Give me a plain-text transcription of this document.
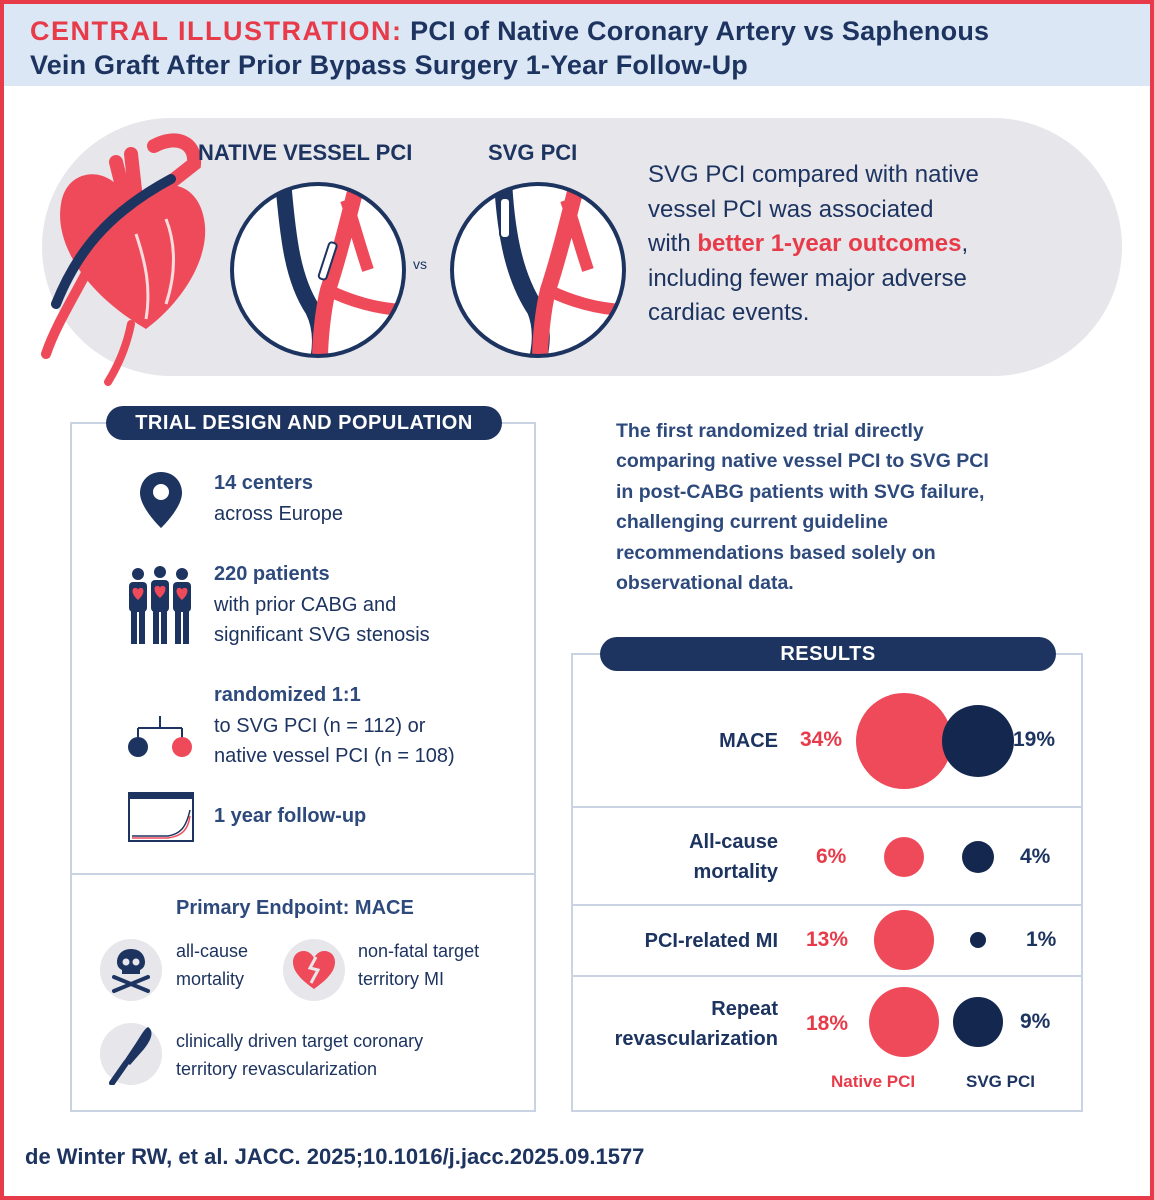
CENTRAL ILLUSTRATION: PCI of Native Coronary Artery vs Saphenous
Vein Graft After Prior Bypass Surgery 1-Year Follow-Up
NATIVE VESSEL PCI	SVG PCI
vs
SVG PCI compared with native
vessel PCI was associated
with better 1-year outcomes,
including fewer major adverse
cardiac events.
TRIAL DESIGN AND POPULATION
14 centers
across Europe
220 patients
with prior CABG and
significant SVG stenosis
randomized 1:1
to SVG PCI (n = 112) or
native vessel PCI (n = 108)
1 year follow-up
Primary Endpoint: MACE
all-cause
mortality
non-fatal target
territory MI
clinically driven target coronary
territory revascularization
The first randomized trial directly
comparing native vessel PCI to SVG PCI
in post-CABG patients with SVG failure,
challenging current guideline
recommendations based solely on
observational data.
RESULTS
MACE 34%	19%
All-cause
mortality
6%	4%
PCI-related MI 13%	1%
Repeat
revascularization
18%	9%
Native PCI	SVG PCI
de Winter RW, et al. JACC. 2025;10.1016/j.jacc.2025.09.1577
